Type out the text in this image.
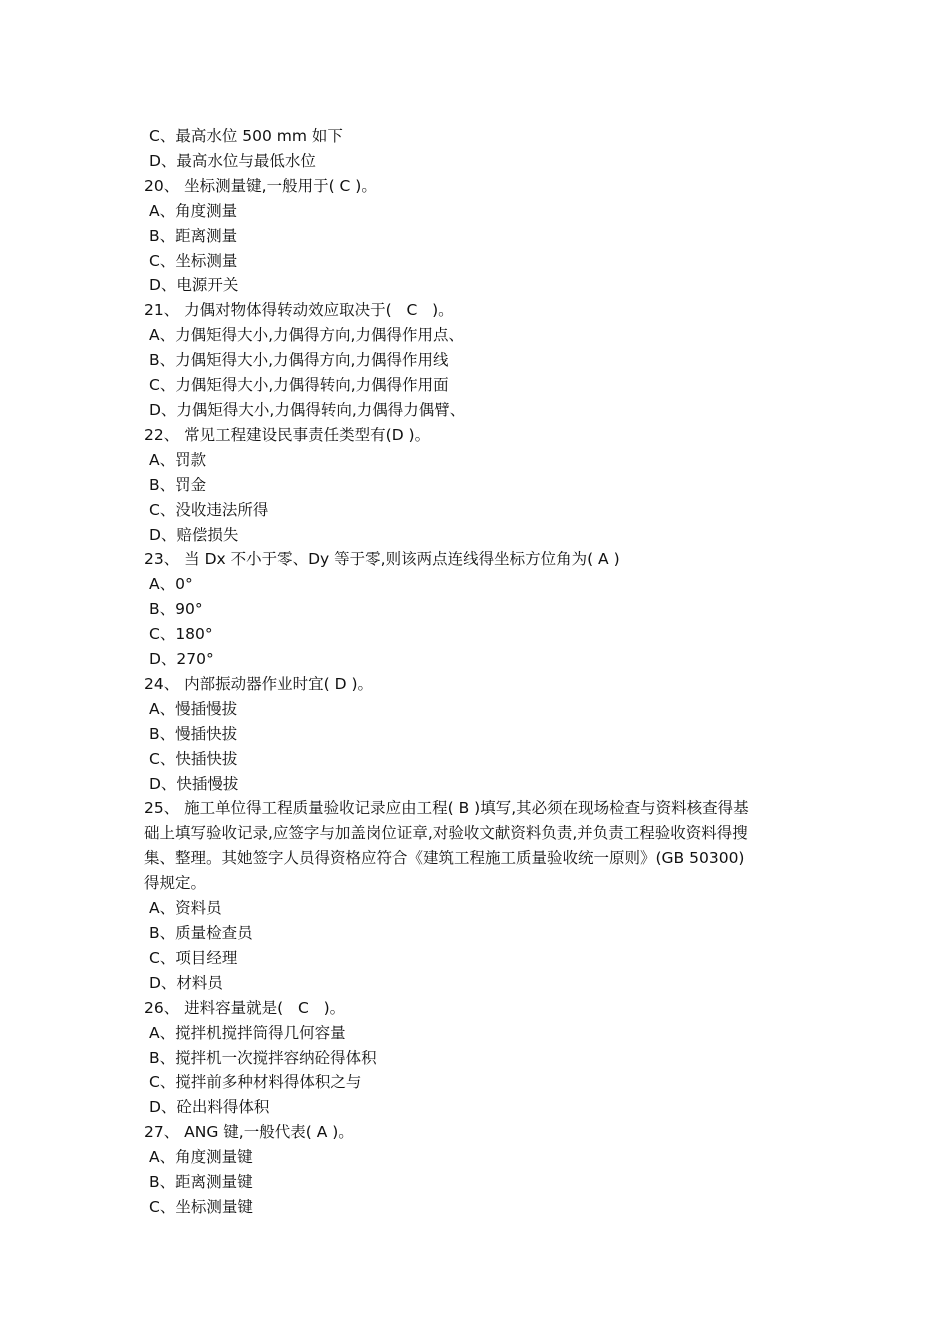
C、最高水位 500 mm 如下

D、最高水位与最低水位

20、 坐标测量键,一般用于( C )。

A、角度测量

B、距离测量

C、坐标测量

D、电源开关

21、 力偶对物体得转动效应取决于(   C   )。

A、力偶矩得大小,力偶得方向,力偶得作用点、

B、力偶矩得大小,力偶得方向,力偶得作用线

C、力偶矩得大小,力偶得转向,力偶得作用面

D、力偶矩得大小,力偶得转向,力偶得力偶臂、

22、 常见工程建设民事责任类型有(D )。

A、罚款

B、罚金

C、没收违法所得

D、赔偿损失

23、 当 Dx 不小于零、Dy 等于零,则该两点连线得坐标方位角为( A )

A、0°

B、90°

C、180°

D、270°

24、 内部振动器作业时宜( D )。

A、慢插慢拔

B、慢插快拔

C、快插快拔

D、快插慢拔

25、 施工单位得工程质量验收记录应由工程( B )填写,其必须在现场检查与资料核查得基

础上填写验收记录,应签字与加盖岗位证章,对验收文献资料负责,并负责工程验收资料得搜

集、整理。其她签字人员得资格应符合《建筑工程施工质量验收统一原则》(GB 50300)

得规定。

A、资料员

B、质量检查员

C、项目经理

D、材料员

26、 进料容量就是(   C   )。

A、搅拌机搅拌筒得几何容量

B、搅拌机一次搅拌容纳砼得体积

C、搅拌前多种材料得体积之与

D、砼出料得体积

27、 ANG 键,一般代表( A )。

A、角度测量键

B、距离测量键

C、坐标测量键
